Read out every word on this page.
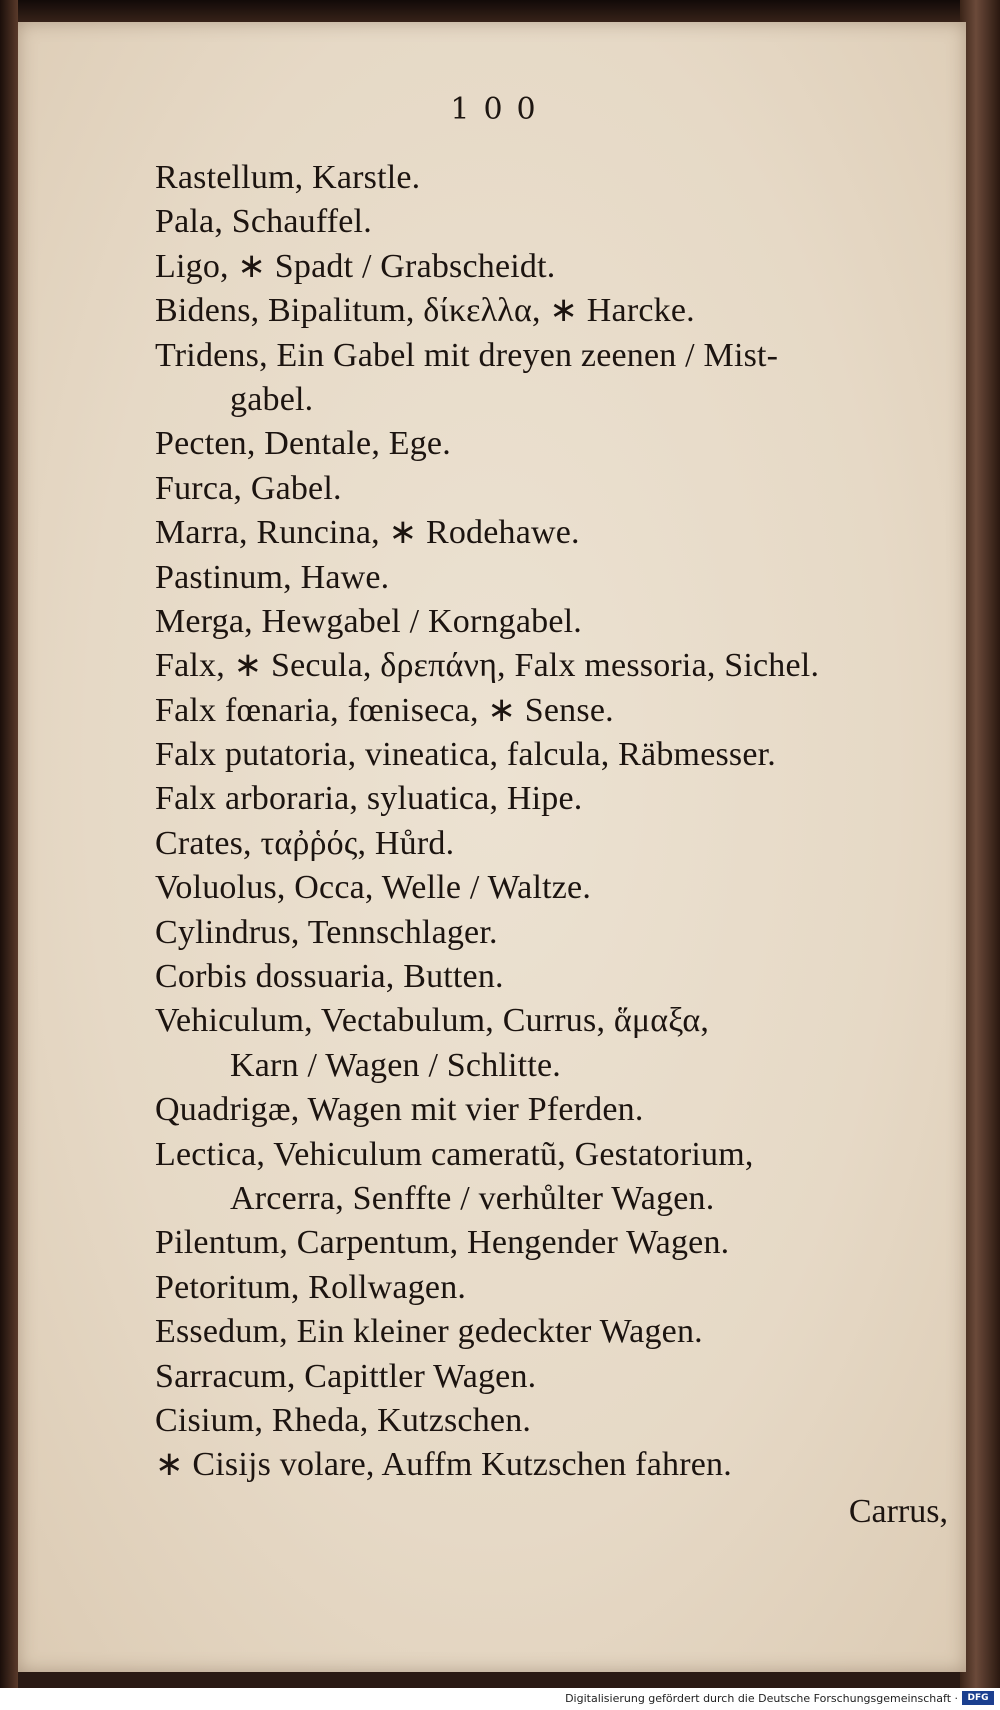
100
Rastellum, Karstle.
Pala, Schauffel.
Ligo, ∗ Spadt / Grabscheidt.
Bidens, Bipalitum, δίκελλα, ∗ Harcke.
Tridens, Ein Gabel mit dreyen zeenen / Mist-
gabel.
Pecten, Dentale, Ege.
Furca, Gabel.
Marra, Runcina, ∗ Rodehawe.
Pastinum, Hawe.
Merga, Hewgabel / Korngabel.
Falx, ∗ Secula, δρεπάνη, Falx messoria, Sichel.
Falx fœnaria, fœniseca, ∗ Sense.
Falx putatoria, vineatica, falcula, Räbmesser.
Falx arboraria, syluatica, Hipe.
Crates, ταῤῥός, Hůrd.
Voluolus, Occa, Welle / Waltze.
Cylindrus, Tennschlager.
Corbis dossuaria, Butten.
Vehiculum, Vectabulum, Currus, ἅμαξα,
Karn / Wagen / Schlitte.
Quadrigæ, Wagen mit vier Pferden.
Lectica, Vehiculum cameratũ, Gestatorium,
Arcerra, Senffte / verhůlter Wagen.
Pilentum, Carpentum, Hengender Wagen.
Petoritum, Rollwagen.
Essedum, Ein kleiner gedeckter Wagen.
Sarracum, Capittler Wagen.
Cisium, Rheda, Kutzschen.
∗ Cisijs volare, Auffm Kutzschen fahren.
Carrus,
Digitalisierung gefördert durch die Deutsche Forschungsgemeinschaft ·	DFG
